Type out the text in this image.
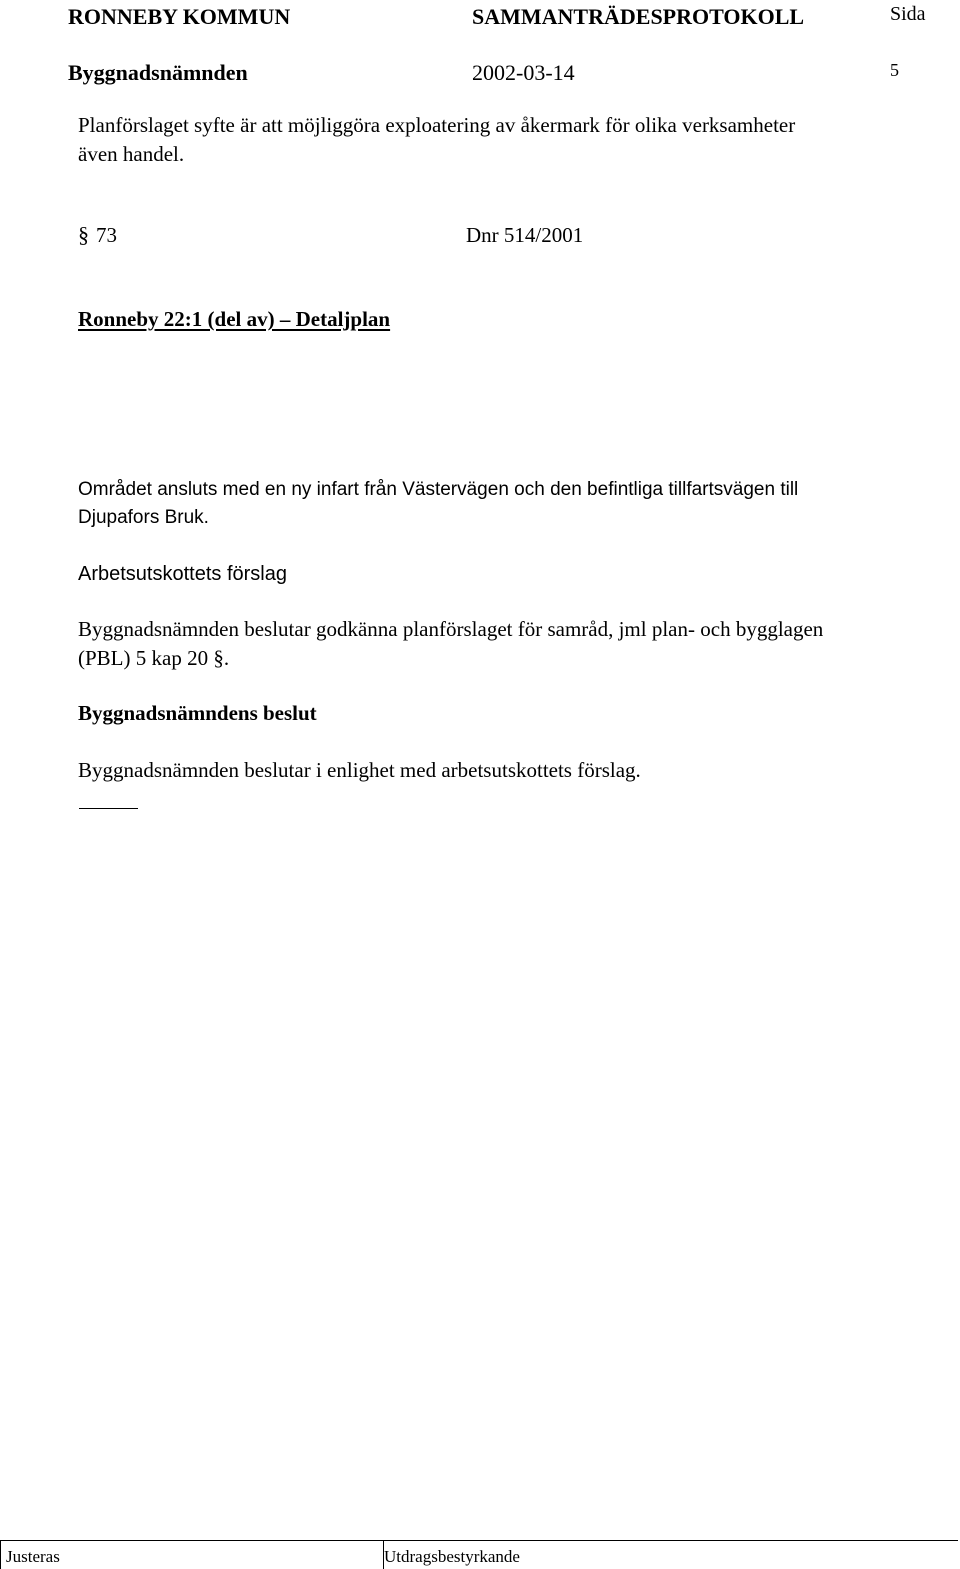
RONNEBY KOMMUN	SAMMANTRÄDESPROTOKOLL	Sida
Byggnadsnämnden	2002-03-14	5
§ 73	Dnr 514/2001
Ronneby 22:1 (del av) – Detaljplan
Planförslaget syfte är att möjliggöra exploatering av åkermark för olika verksamheter
även handel.
Området ansluts med en ny infart från Västervägen och den befintliga tillfartsvägen till
Djupafors Bruk.
Arbetsutskottets förslag
Byggnadsnämnden beslutar godkänna planförslaget för samråd, jml plan- och bygglagen
(PBL) 5 kap 20 §.
Byggnadsnämndens beslut
Byggnadsnämnden beslutar i enlighet med arbetsutskottets förslag.
Justeras	Utdragsbestyrkande
